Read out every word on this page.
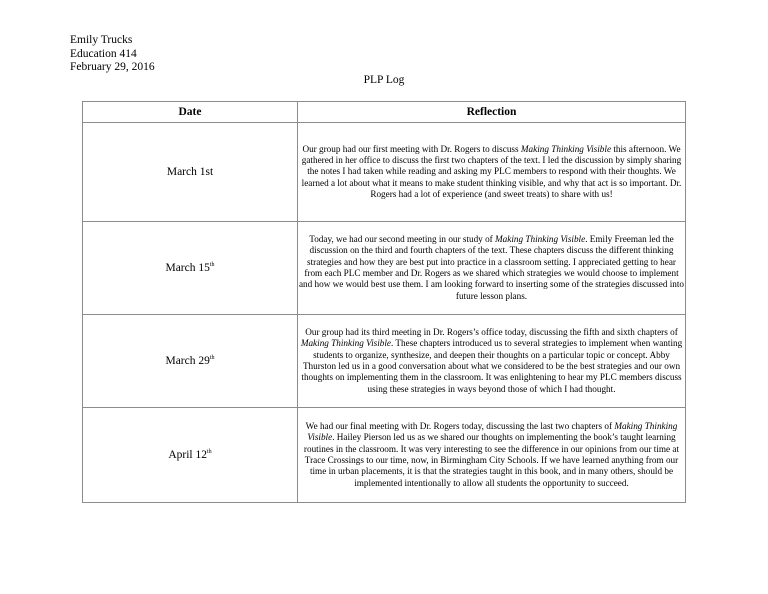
Emily Trucks
Education 414
February 29, 2016
PLP Log
Date	Reflection
March 1st	Our group had our first meeting with Dr. Rogers to discuss Making Thinking Visible this afternoon. We gathered in her office to discuss the first two chapters of the text. I led the discussion by simply sharing the notes I had taken while reading and asking my PLC members to respond with their thoughts. We learned a lot about what it means to make student thinking visible, and why that act is so important. Dr. Rogers had a lot of experience (and sweet treats) to share with us!
March 15th	Today, we had our second meeting in our study of Making Thinking Visible. Emily Freeman led the discussion on the third and fourth chapters of the text. These chapters discuss the different thinking strategies and how they are best put into practice in a classroom setting. I appreciated getting to hear from each PLC member and Dr. Rogers as we shared which strategies we would choose to implement and how we would best use them. I am looking forward to inserting some of the strategies discussed into future lesson plans.
March 29th	Our group had its third meeting in Dr. Rogers’s office today, discussing the fifth and sixth chapters of Making Thinking Visible. These chapters introduced us to several strategies to implement when wanting students to organize, synthesize, and deepen their thoughts on a particular topic or concept. Abby Thurston led us in a good conversation about what we considered to be the best strategies and our own thoughts on implementing them in the classroom. It was enlightening to hear my PLC members discuss using these strategies in ways beyond those of which I had thought.
April 12th	We had our final meeting with Dr. Rogers today, discussing the last two chapters of Making Thinking Visible. Hailey Pierson led us as we shared our thoughts on implementing the book’s taught learning routines in the classroom. It was very interesting to see the difference in our opinions from our time at Trace Crossings to our time, now, in Birmingham City Schools. If we have learned anything from our time in urban placements, it is that the strategies taught in this book, and in many others, should be implemented intentionally to allow all students the opportunity to succeed.
